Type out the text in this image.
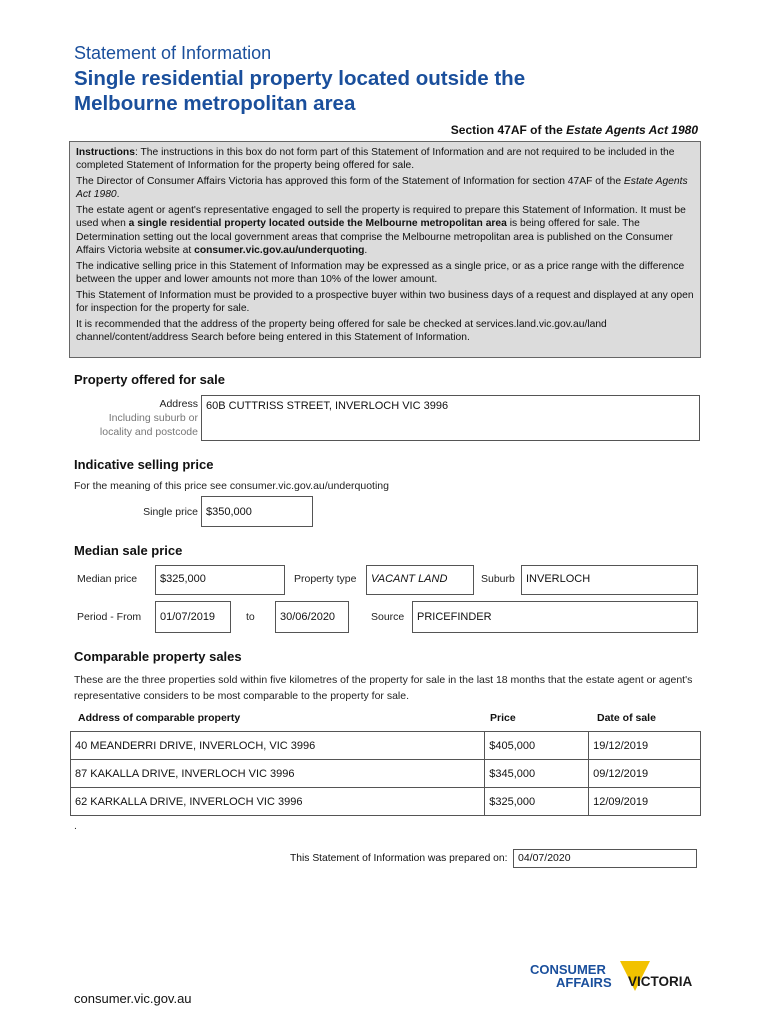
Statement of Information
Single residential property located outside the
Melbourne metropolitan area
Section 47AF of the Estate Agents Act 1980

Instructions: The instructions in this box do not form part of this Statement of Information and are not required to be included in the completed Statement of Information for the property being offered for sale.

The Director of Consumer Affairs Victoria has approved this form of the Statement of Information for section 47AF of the Estate Agents Act 1980.

The estate agent or agent's representative engaged to sell the property is required to prepare this Statement of Information. It must be used when a single residential property located outside the Melbourne metropolitan area is being offered for sale. The Determination setting out the local government areas that comprise the Melbourne metropolitan area is published on the Consumer Affairs Victoria website at consumer.vic.gov.au/underquoting.

The indicative selling price in this Statement of Information may be expressed as a single price, or as a price range with the difference between the upper and lower amounts not more than 10% of the lower amount.

This Statement of Information must be provided to a prospective buyer within two business days of a request and displayed at any open for inspection for the property for sale.

It is recommended that the address of the property being offered for sale be checked at services.land.vic.gov.au/land channel/content/address Search before being entered in this Statement of Information.

Property offered for sale
Address
Including suburb or
locality and postcode
60B CUTTRISS STREET, INVERLOCH VIC 3996
Indicative selling price
For the meaning of this price see consumer.vic.gov.au/underquoting
Single price $350,000
Median sale price
Median price	$325,000	Property type	VACANT LAND	Suburb	INVERLOCH
Period - From	01/07/2019	to	30/06/2020	Source	PRICEFINDER
Comparable property sales
These are the three properties sold within five kilometres of the property for sale in the last 18 months that the estate agent or agent's representative considers to be most comparable to the property for sale.
Address of comparable property	Price	Date of sale
40 MEANDERRI DRIVE, INVERLOCH, VIC 3996	$405,000	19/12/2019
87 KAKALLA DRIVE, INVERLOCH VIC 3996	$345,000	09/12/2019
62 KARKALLA DRIVE, INVERLOCH VIC 3996	$325,000	12/09/2019
.
This Statement of Information was prepared on:	04/07/2020
CONSUMER
AFFAIRS VICTORIA
consumer.vic.gov.au
